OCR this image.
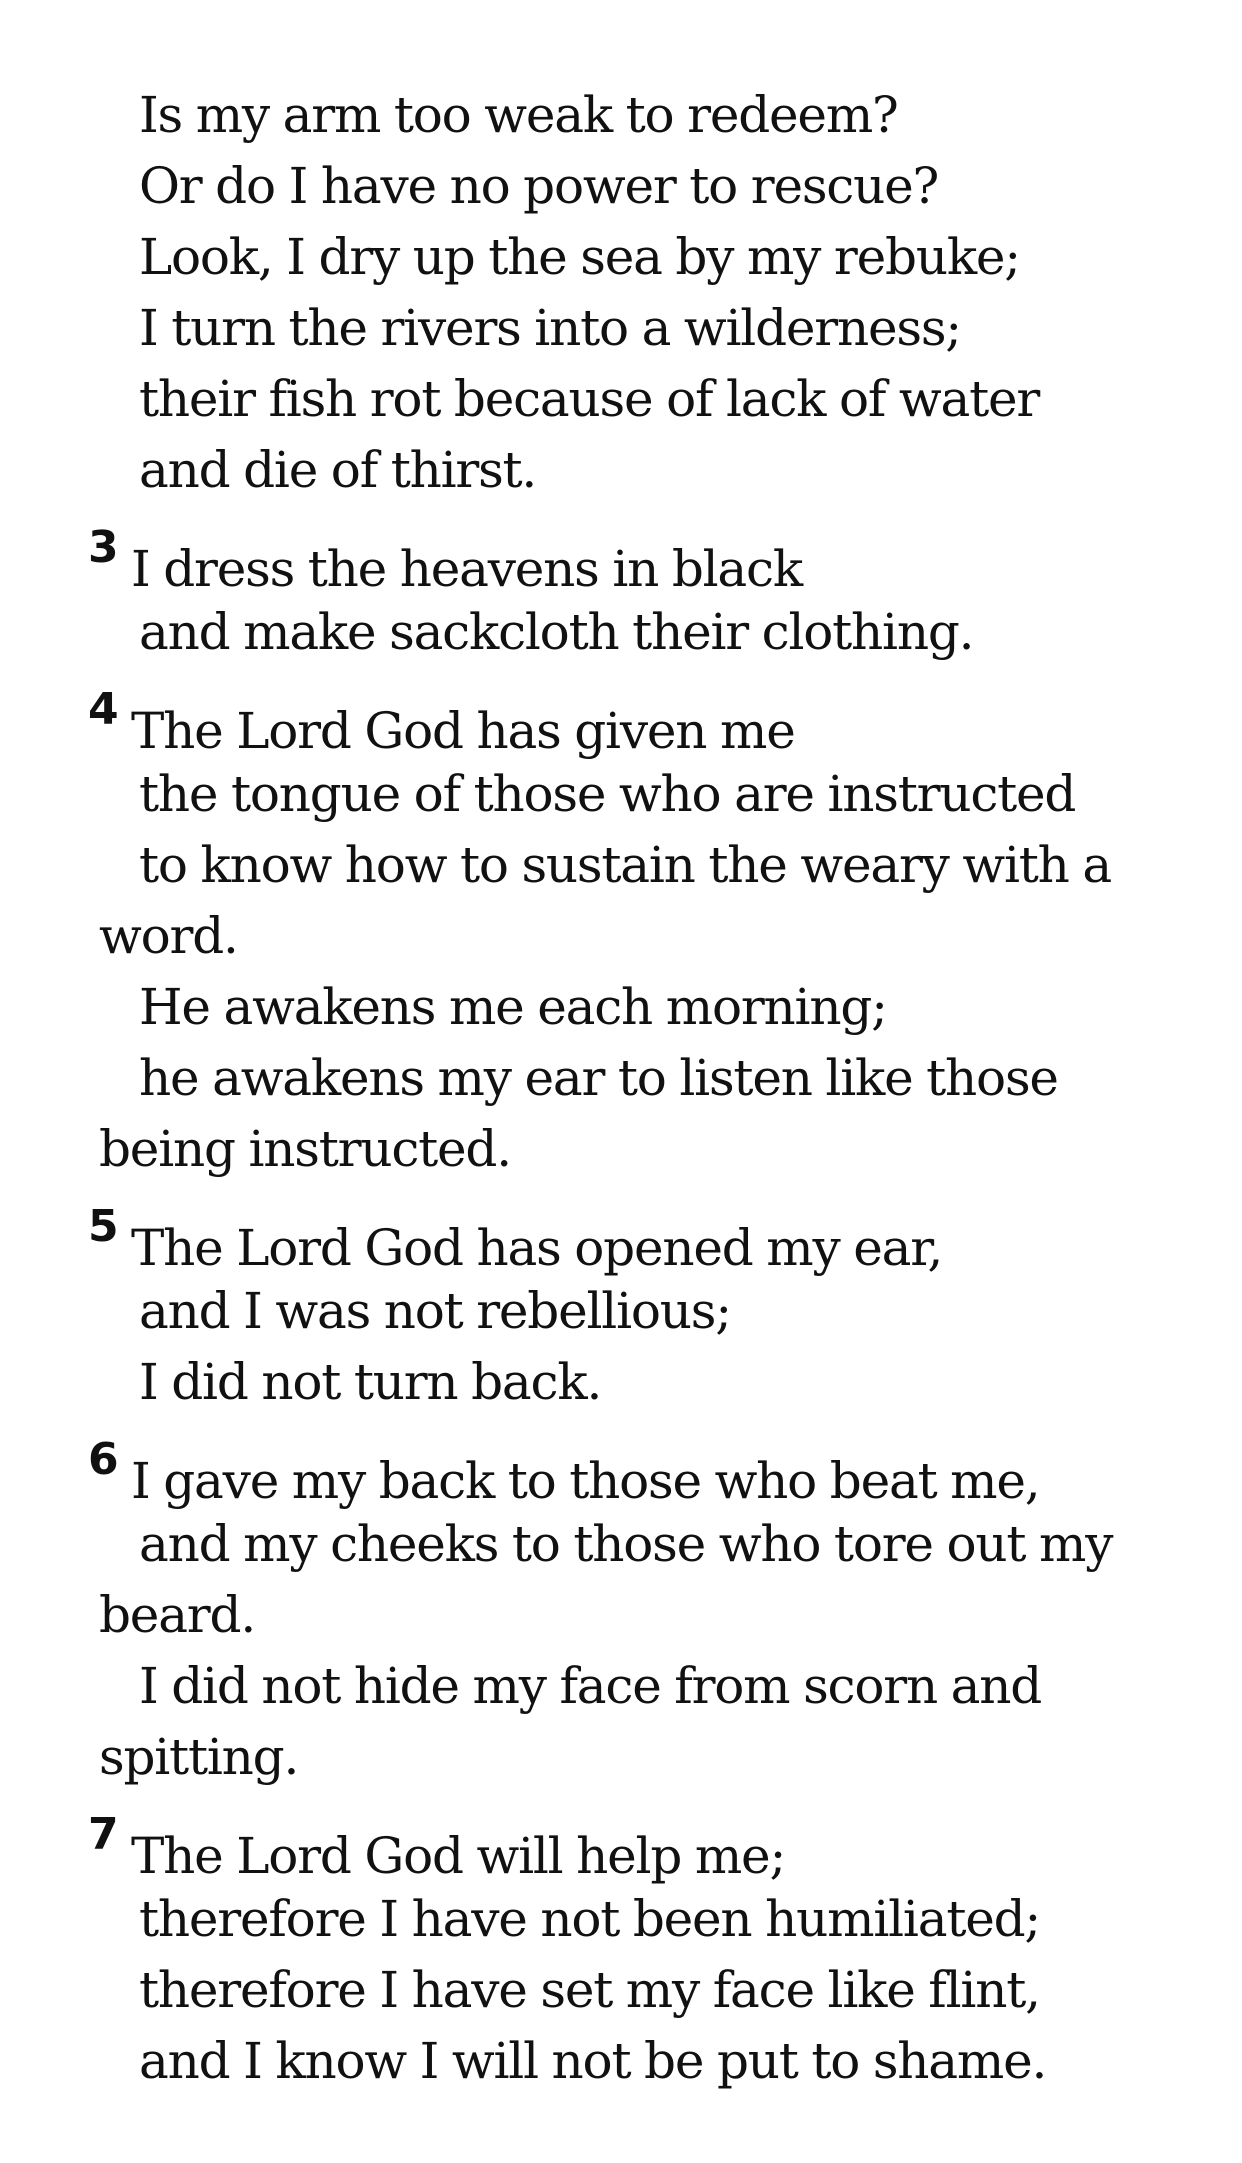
Is my arm too weak to redeem?
Or do I have no power to rescue?
Look, I dry up the sea by my rebuke;
I turn the rivers into a wilderness;
their fish rot because of lack of water
and die of thirst.
3 I dress the heavens in black
and make sackcloth their clothing.
4 The Lord God has given me
the tongue of those who are instructed
to know how to sustain the weary with a
word.
He awakens me each morning;
he awakens my ear to listen like those
being instructed.
5 The Lord God has opened my ear,
and I was not rebellious;
I did not turn back.
6 I gave my back to those who beat me,
and my cheeks to those who tore out my
beard.
I did not hide my face from scorn and
spitting.
7 The Lord God will help me;
therefore I have not been humiliated;
therefore I have set my face like flint,
and I know I will not be put to shame.
